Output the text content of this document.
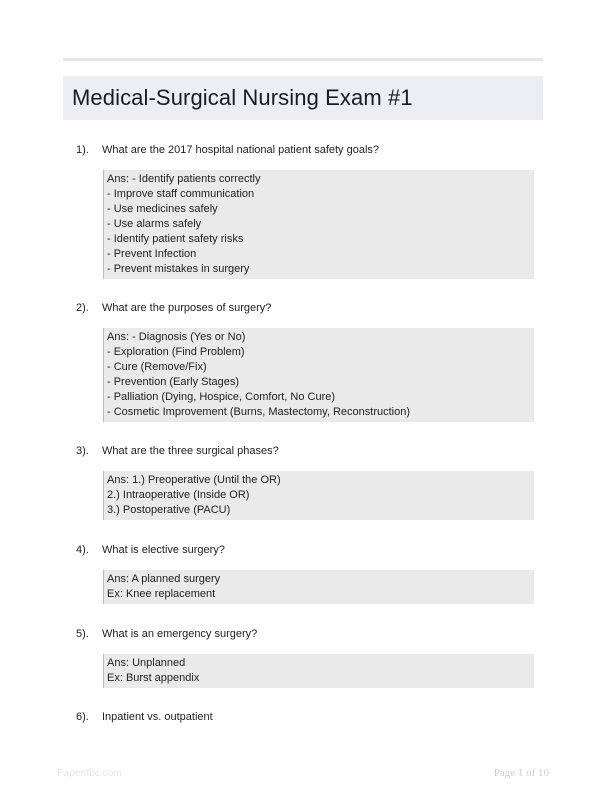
Medical-Surgical Nursing Exam #1
1). What are the 2017 hospital national patient safety goals?
Ans: - Identify patients correctly
- Improve staff communication
- Use medicines safely
- Use alarms safely
- Identify patient safety risks
- Prevent Infection
- Prevent mistakes in surgery
2). What are the purposes of surgery?
Ans: - Diagnosis (Yes or No)
- Exploration (Find Problem)
- Cure (Remove/Fix)
- Prevention (Early Stages)
- Palliation (Dying, Hospice, Comfort, No Cure)
- Cosmetic Improvement (Burns, Mastectomy, Reconstruction)
3). What are the three surgical phases?
Ans: 1.) Preoperative (Until the OR)
2.) Intraoperative (Inside OR)
3.) Postoperative (PACU)
4). What is elective surgery?
Ans: A planned surgery
Ex: Knee replacement
5). What is an emergency surgery?
Ans: Unplanned
Ex: Burst appendix
6). Inpatient vs. outpatient
Papertfbc.com	Page 1 of 10
